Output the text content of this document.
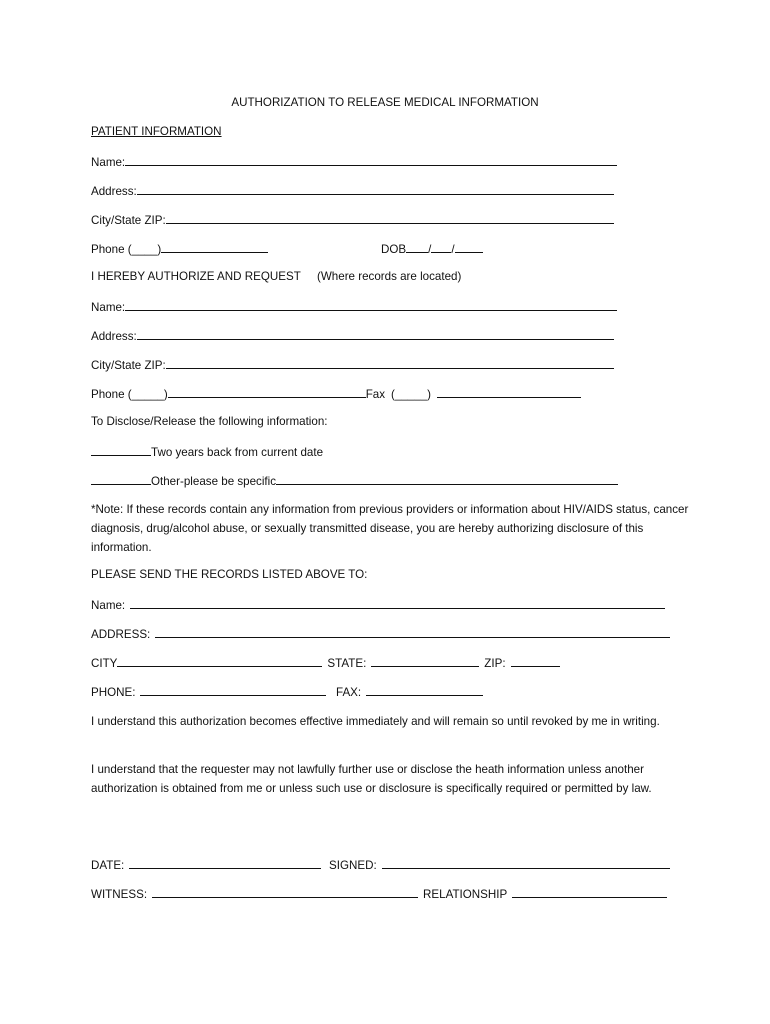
AUTHORIZATION TO RELEASE MEDICAL INFORMATION
PATIENT INFORMATION
Name:
Address:
City/State ZIP:
Phone (____)	DOB / /
I HEREBY AUTHORIZE AND REQUEST (Where records are located)
Name:
Address:
City/State ZIP:
Phone (_____)	Fax (_____)
To Disclose/Release the following information:
Two years back from current date
Other-please be specific
*Note: If these records contain any information from previous providers or information about HIV/AIDS status, cancer diagnosis, drug/alcohol abuse, or sexually transmitted disease, you are hereby authorizing disclosure of this information.
PLEASE SEND THE RECORDS LISTED ABOVE TO:
Name:
ADDRESS:
CITY	STATE:	ZIP:
PHONE:	FAX:
I understand this authorization becomes effective immediately and will remain so until revoked by me in writing.
I understand that the requester may not lawfully further use or disclose the heath information unless another authorization is obtained from me or unless such use or disclosure is specifically required or permitted by law.
DATE:	SIGNED:
WITNESS:	RELATIONSHIP
